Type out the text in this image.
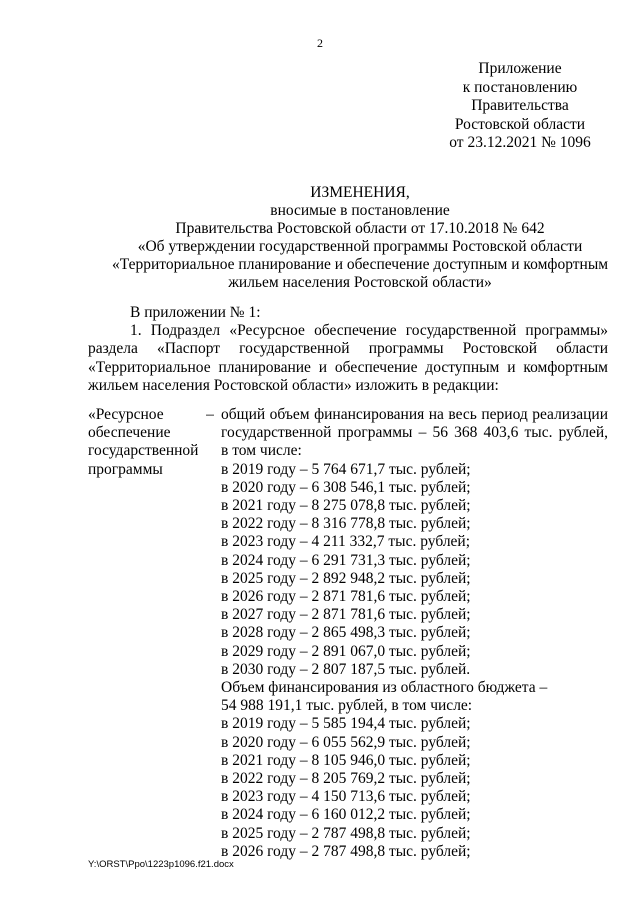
2
Приложение
к постановлению
Правительства
Ростовской области
от 23.12.2021 № 1096
ИЗМЕНЕНИЯ,
вносимые в постановление
Правительства Ростовской области от 17.10.2018 № 642
«Об утверждении государственной программы Ростовской области
«Территориальное планирование и обеспечение доступным и комфортным
жильем населения Ростовской области»

В приложении № 1:

1. Подраздел «Ресурсное обеспечение государственной программы»

раздела «Паспорт государственной программы Ростовской области

«Территориальное планирование и обеспечение доступным и комфортным

жильем населения Ростовской области» изложить в редакции:

«Ресурсное
обеспечение
государственной
программы
– общий объем финансирования на весь период реализации
государственной программы – 56 368 403,6 тыс. рублей,
в том числе:
в 2019 году – 5 764 671,7 тыс. рублей;
в 2020 году – 6 308 546,1 тыс. рублей;
в 2021 году – 8 275 078,8 тыс. рублей;
в 2022 году – 8 316 778,8 тыс. рублей;
в 2023 году – 4 211 332,7 тыс. рублей;
в 2024 году – 6 291 731,3 тыс. рублей;
в 2025 году – 2 892 948,2 тыс. рублей;
в 2026 году – 2 871 781,6 тыс. рублей;
в 2027 году – 2 871 781,6 тыс. рублей;
в 2028 году – 2 865 498,3 тыс. рублей;
в 2029 году – 2 891 067,0 тыс. рублей;
в 2030 году – 2 807 187,5 тыс. рублей.
Объем финансирования из областного бюджета –
54 988 191,1 тыс. рублей, в том числе:
в 2019 году – 5 585 194,4 тыс. рублей;
в 2020 году – 6 055 562,9 тыс. рублей;
в 2021 году – 8 105 946,0 тыс. рублей;
в 2022 году – 8 205 769,2 тыс. рублей;
в 2023 году – 4 150 713,6 тыс. рублей;
в 2024 году – 6 160 012,2 тыс. рублей;
в 2025 году – 2 787 498,8 тыс. рублей;
в 2026 году – 2 787 498,8 тыс. рублей;
Y:\ORST\Ppo\1223p1096.f21.docx
